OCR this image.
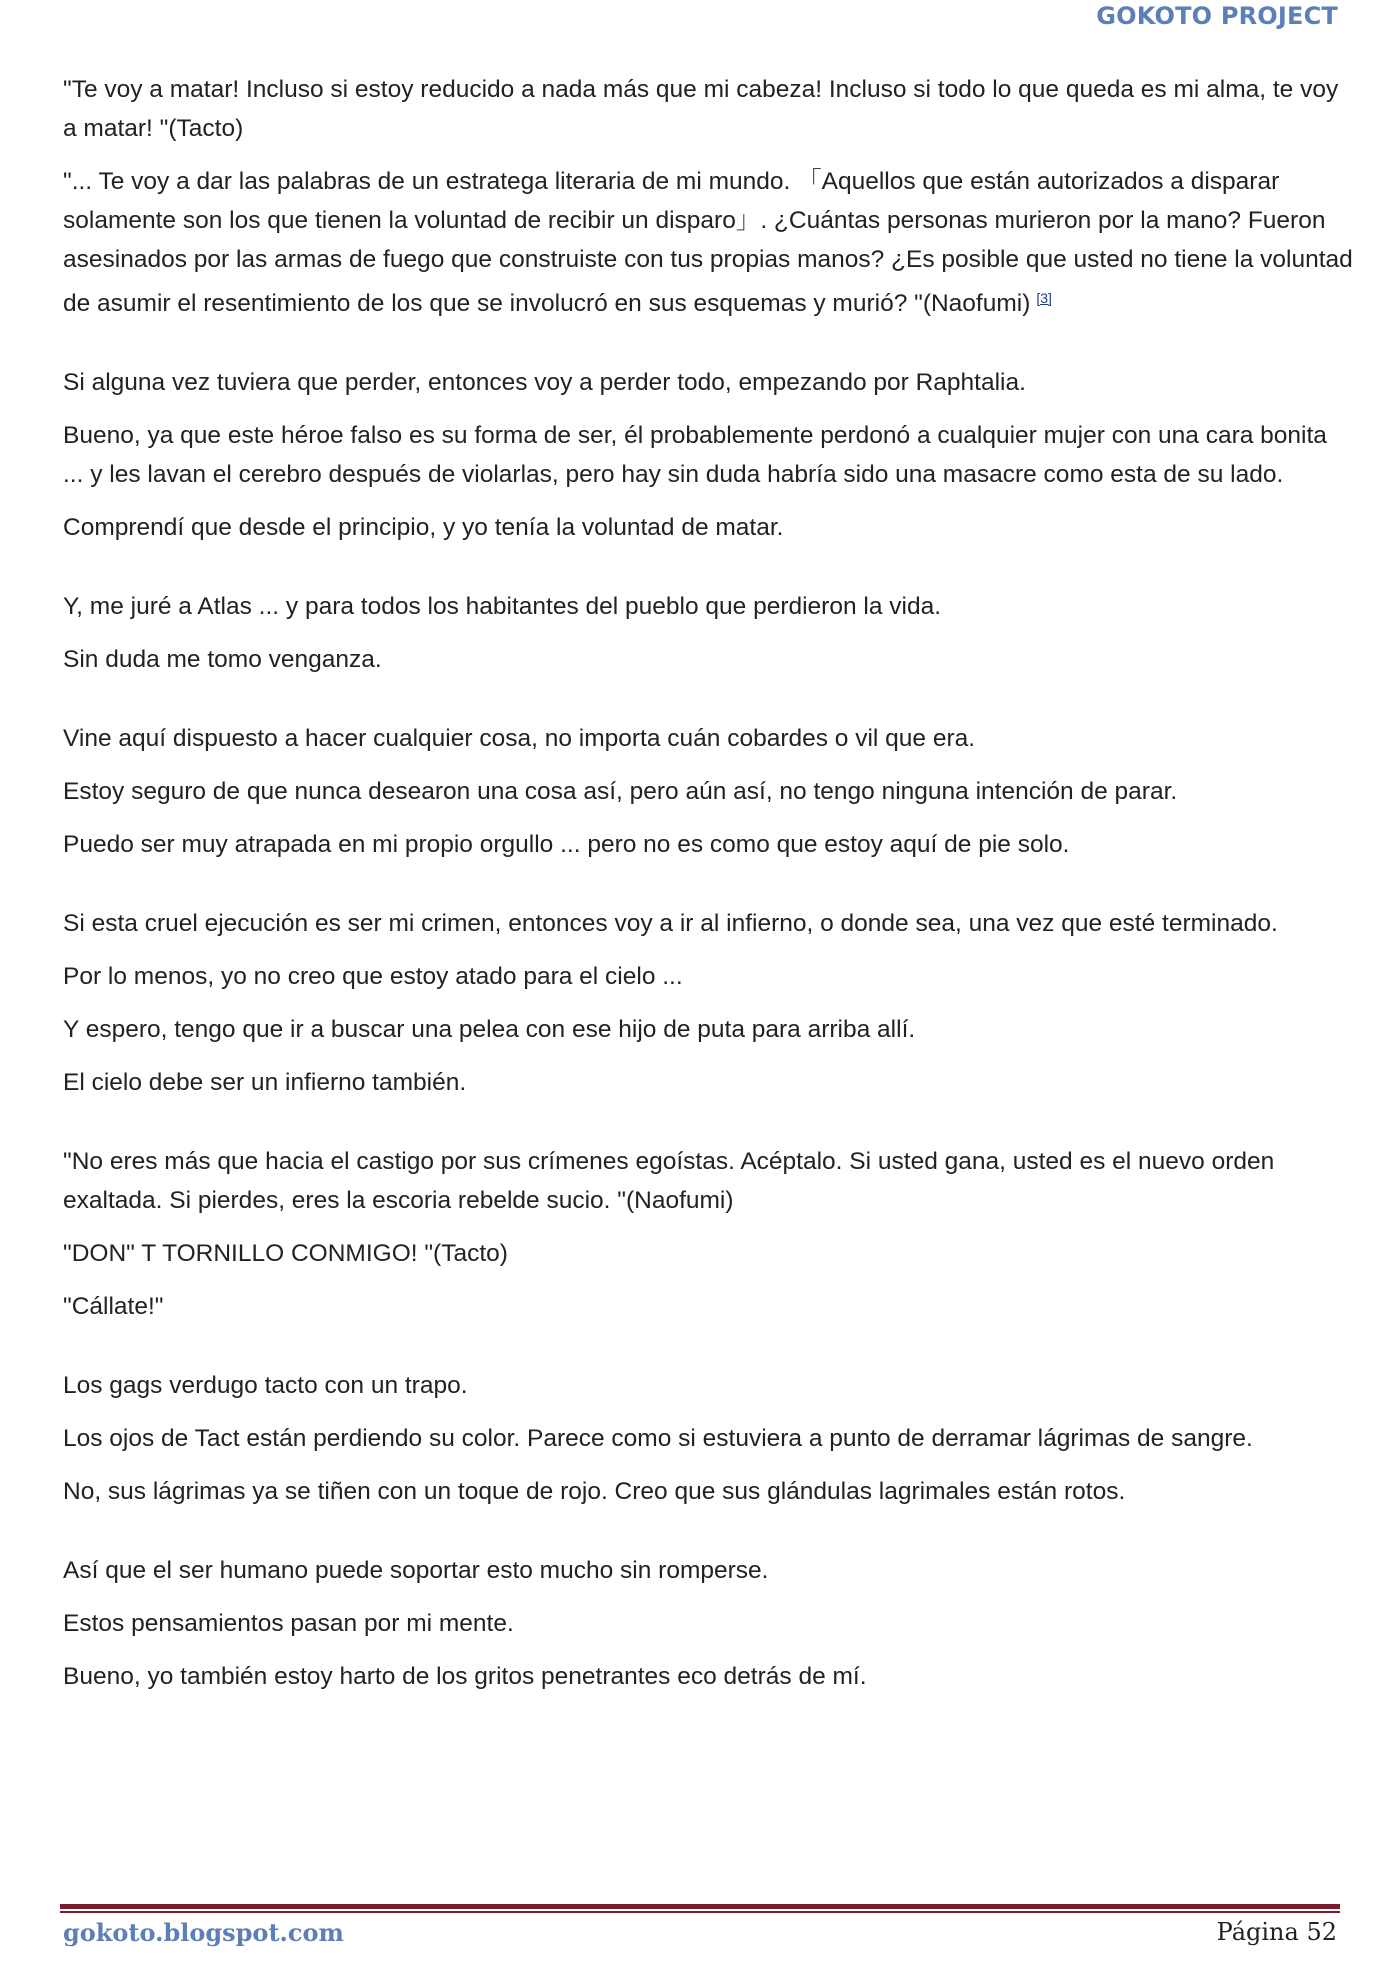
GOKOTO PROJECT

"Te voy a matar! Incluso si estoy reducido a nada más que mi cabeza! Incluso si todo lo que queda es mi alma, te voy a matar! "(Tacto)

"... Te voy a dar las palabras de un estratega literaria de mi mundo. 「Aquellos que están autorizados a disparar solamente son los que tienen la voluntad de recibir un disparo」. ¿Cuántas personas murieron por la mano? Fueron asesinados por las armas de fuego que construiste con tus propias manos? ¿Es posible que usted no tiene la voluntad de asumir el resentimiento de los que se involucró en sus esquemas y murió? "(Naofumi) [3]

Si alguna vez tuviera que perder, entonces voy a perder todo, empezando por Raphtalia.

Bueno, ya que este héroe falso es su forma de ser, él probablemente perdonó a cualquier mujer con una cara bonita ... y les lavan el cerebro después de violarlas, pero hay sin duda habría sido una masacre como esta de su lado.

Comprendí que desde el principio, y yo tenía la voluntad de matar.

Y, me juré a Atlas ... y para todos los habitantes del pueblo que perdieron la vida.

Sin duda me tomo venganza.

Vine aquí dispuesto a hacer cualquier cosa, no importa cuán cobardes o vil que era.

Estoy seguro de que nunca desearon una cosa así, pero aún así, no tengo ninguna intención de parar.

Puedo ser muy atrapada en mi propio orgullo ... pero no es como que estoy aquí de pie solo.

Si esta cruel ejecución es ser mi crimen, entonces voy a ir al infierno, o donde sea, una vez que esté terminado.

Por lo menos, yo no creo que estoy atado para el cielo ...

Y espero, tengo que ir a buscar una pelea con ese hijo de puta para arriba allí.

El cielo debe ser un infierno también.

"No eres más que hacia el castigo por sus crímenes egoístas. Acéptalo. Si usted gana, usted es el nuevo orden exaltada. Si pierdes, eres la escoria rebelde sucio. "(Naofumi)

"DON" T TORNILLO CONMIGO! "(Tacto)

"Cállate!"

Los gags verdugo tacto con un trapo.

Los ojos de Tact están perdiendo su color. Parece como si estuviera a punto de derramar lágrimas de sangre.

No, sus lágrimas ya se tiñen con un toque de rojo. Creo que sus glándulas lagrimales están rotos.

Así que el ser humano puede soportar esto mucho sin romperse.

Estos pensamientos pasan por mi mente.

Bueno, yo también estoy harto de los gritos penetrantes eco detrás de mí.

gokoto.blogspot.com	Página 52
